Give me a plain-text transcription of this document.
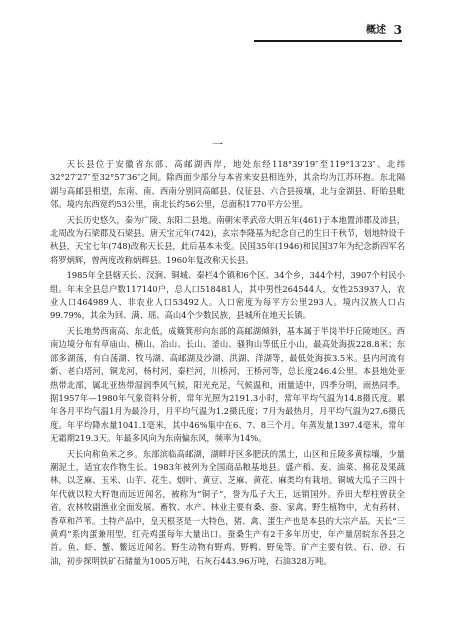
概述 3
一

天长县位于安徽省东部、高邮湖西岸，地处东经118°39′19″至119°13′23″、北纬32°27′27″至32°57′36″之间。除西面少部分与本省来安县相连外，其余均为江苏环抱。东北隔湖与高邮县相望，东南、南、西南分别同高邮县、仪征县、六合县接壤，北与金湖县、盱眙县毗邻。境内东西宽约53公里，南北长约56公里，总面积1770平方公里。

天长历史悠久，秦为广陵、东阳二县地。南朝宋孝武帝大明五年(461)于本地置沛郡及沛县，北周改为石梁郡及石梁县。唐天宝元年(742)，玄宗李隆基为纪念自己的生日千秋节，划地特设千秋县，天宝七年(748)改称天长县，此后基本未变。民国35年(1946)和民国37年为纪念新四军名将罗炳辉，曾两度改称炳辉县。1960年复改称天长县。

1985年全县辖天长、汊涧、铜城、秦栏4个镇和6个区、34个乡，344个村，3907个村民小组。年末全县总户数117140户，总人口518481人，其中男性264544人，女性253937人，农业人口464989人、非农业人口53492人。人口密度为每平方公里293人。境内汉族人口占99.79%，其余为回、满、瑶、高山4个少数民族，县城所在地天长镇。

天长地势西南高、东北低，成簸箕形向东部的高邮湖倾斜，基本属于半岗半圩丘陵地区。西南边境分布有草庙山、横山、冶山、长山、釜山、骚狗山等低丘小山，最高处海拔228.8米；东部多湖荡，有白荡湖、牧马湖、高邮湖及沙湖、洪湖、洋湖等，最低处海拔3.5米。县内河流有新、老白塔河，铜龙河，杨村河，秦栏河，川桥河，王桥河等，总长度246.4公里。本县地处亚热带北部，属北亚热带湿润季风气候，阳光充足，气候温和，雨量适中，四季分明，雨热同季。据1957年—1980年气象资料分析，常年光照为2191.3小时，常年平均气温为14.8摄氏度。累年各月平均气温1月为最冷月，月平均气温为1.2摄氏度；7月为最热月，月平均气温为27.6摄氏度。年平均降水量1041.1毫米，其中46%集中在6、7、8三个月。年蒸发量1397.4毫米，常年无霜期219.3天。年最多风向为东南偏东风，频率为14%。

天长向称鱼米之乡。东部滨临高邮湖，湖畔圩区多肥沃的黑土，山区和丘陵多黄棕壤，少量潮泥土，适宜农作物生长。1983年被列为全国商品粮基地县。盛产稻、麦、油菜、棉花及果蔬林，以芝麻、玉米、山芋、花生、烟叶、黄豆、芝麻、黄花、麻类均有栽培。铜城大瓜子三四十年代就以粒大籽饱而远近闻名，被称为“铜子”，誉为瓜子大王，远销国外。乔田大犁柱曾获全省。农林牧副渔业全面发展。畜牧、水产、林业主要有桑、蚕、家禽、野生植物中，尤有药材、香草和芦苇。土特产品中，皇天根茎是一大特色，猪、禽、蛋生产也是本县的大宗产品。天长“三黄鸡”系肉蛋兼用型，红壳鸡蛋每年大量出口。蚕桑生产有2千多年历史，年产量居皖东各县之首。鱼、虾、蟹、鳖远近闻名。野生动物有野鸡、野鸭、野兔等。矿产主要有铁、石、砂、石油，初步探明铁矿石储量为1005万吨，石灰石443.96万吨，石油328万吨。
